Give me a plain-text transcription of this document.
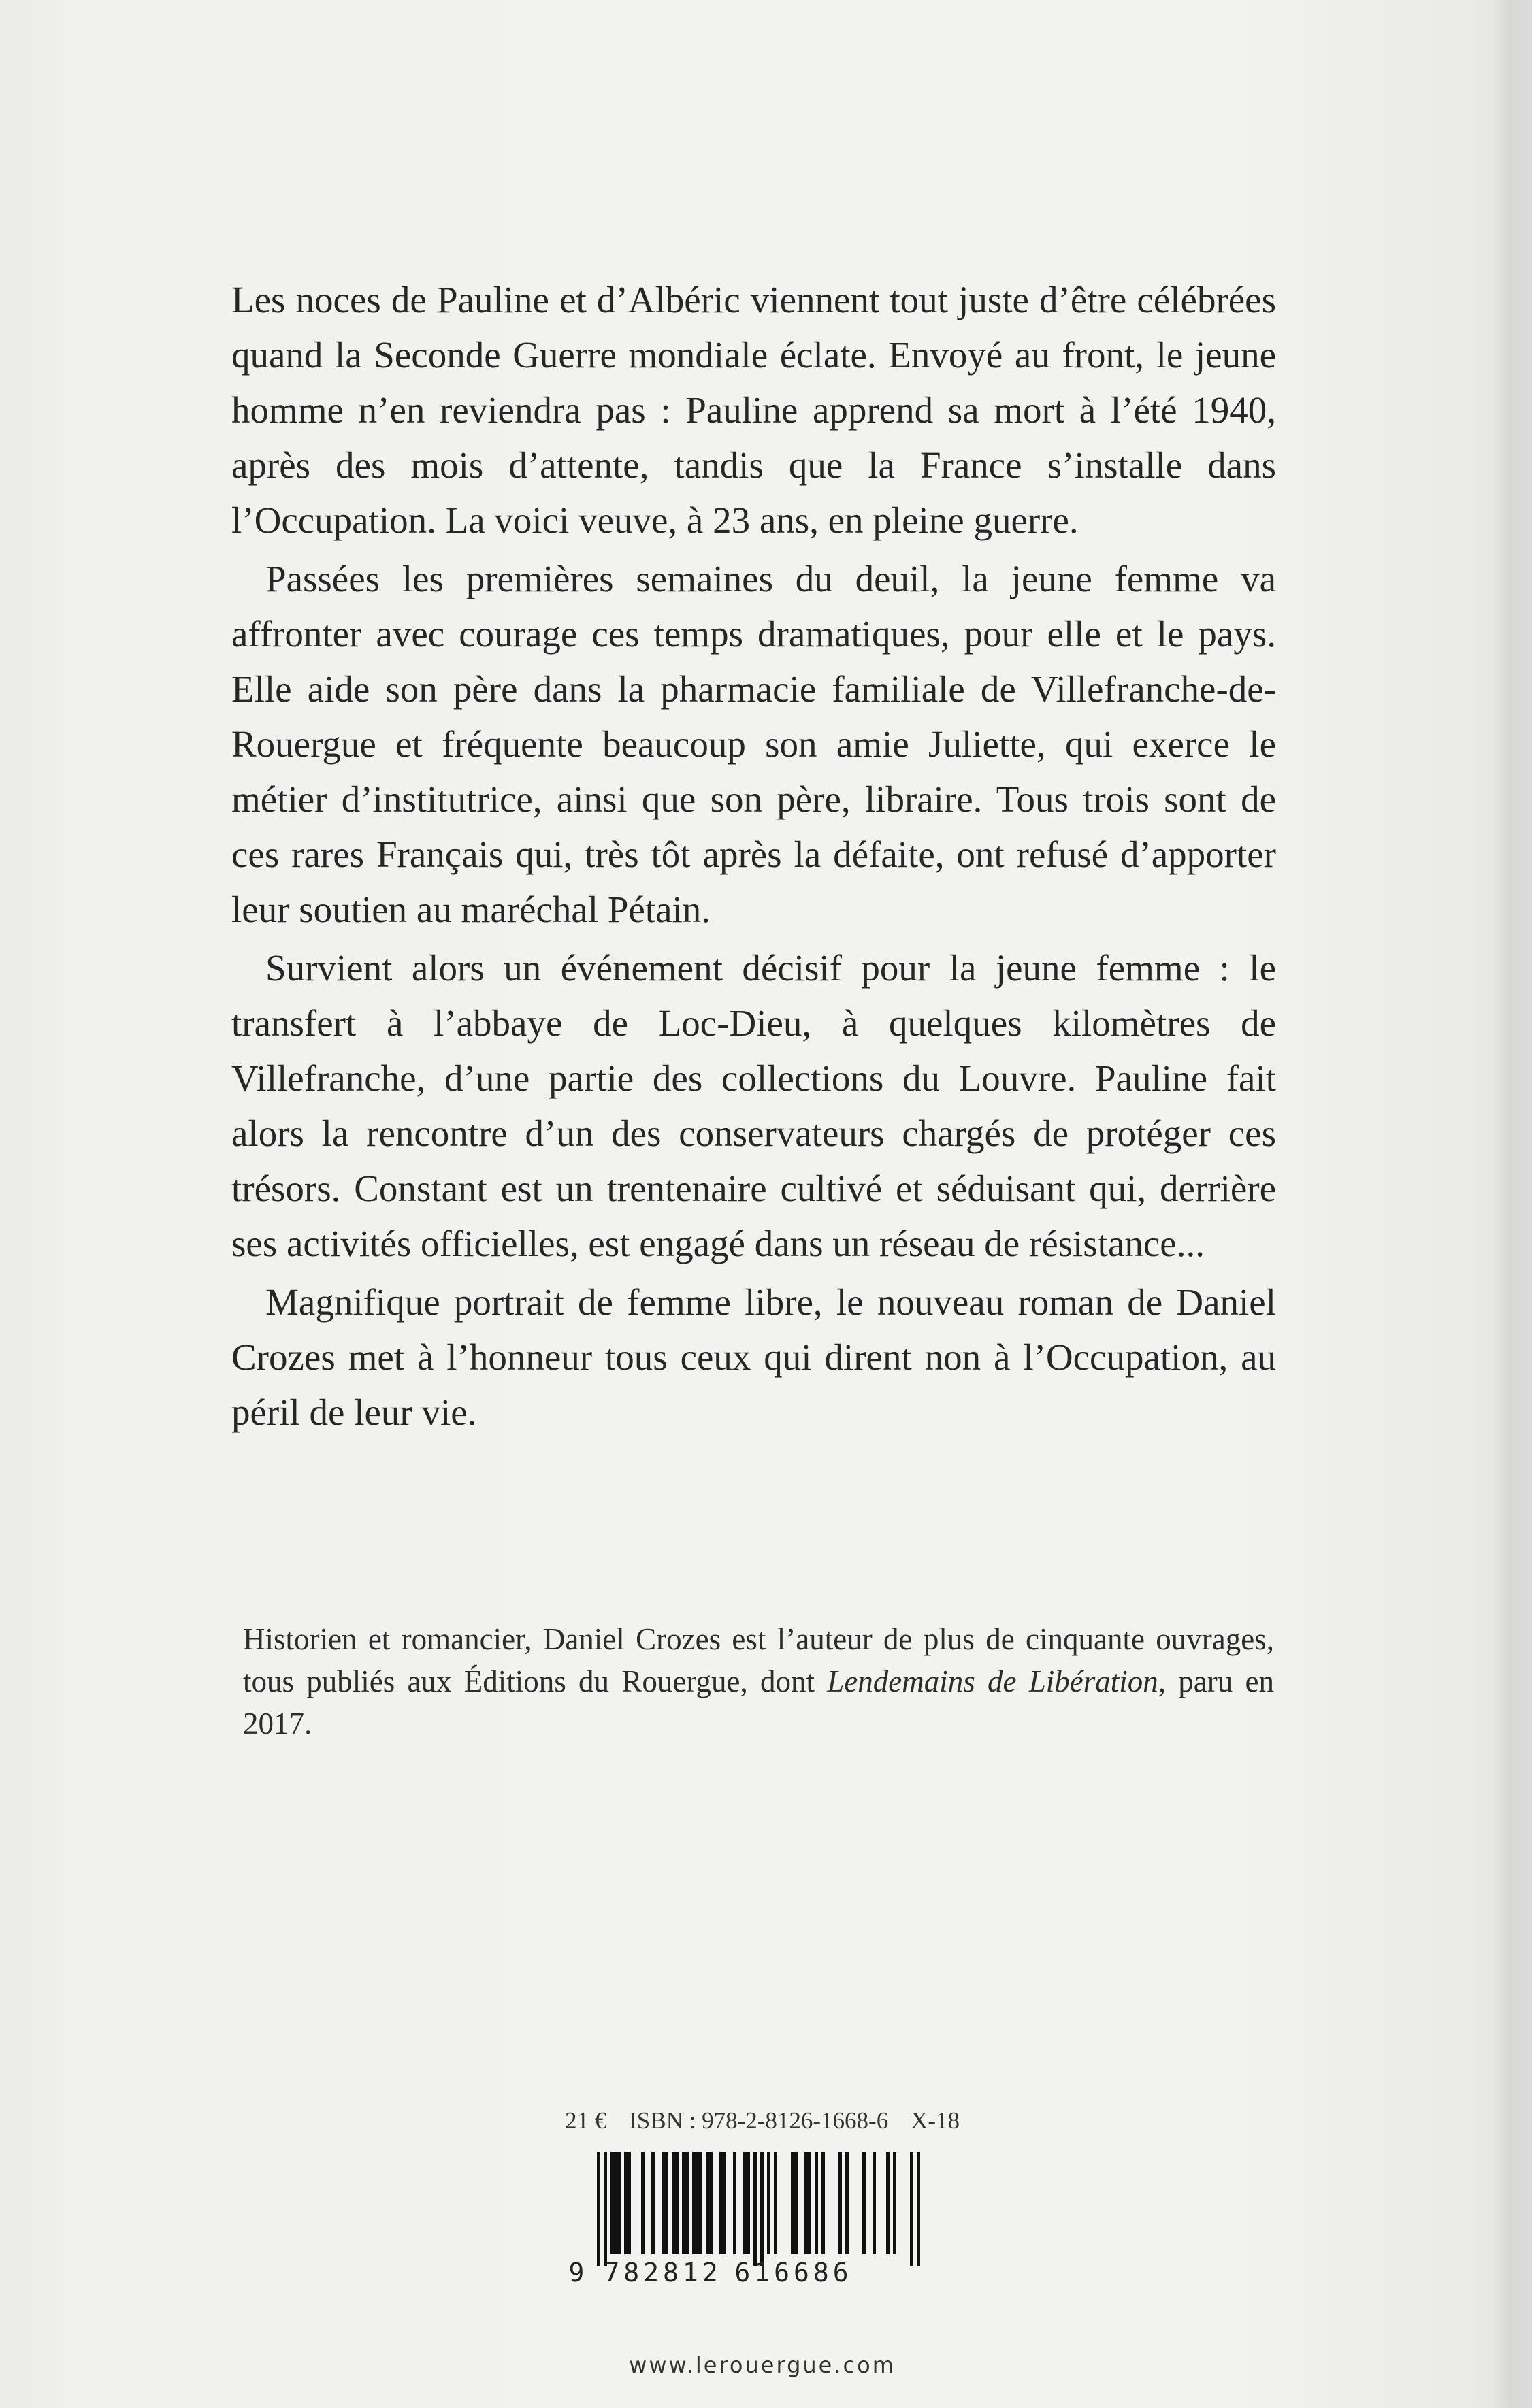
Les noces de Pauline et d’Albéric viennent tout juste d’être célébrées quand la Seconde Guerre mondiale éclate. Envoyé au front, le jeune homme n’en reviendra pas : Pauline apprend sa mort à l’été 1940, après des mois d’attente, tandis que la France s’installe dans l’Occupation. La voici veuve, à 23 ans, en pleine guerre.

Passées les premières semaines du deuil, la jeune femme va affronter avec courage ces temps dramatiques, pour elle et le pays. Elle aide son père dans la pharmacie familiale de Villefranche-de-Rouergue et fréquente beaucoup son amie Juliette, qui exerce le métier d’institutrice, ainsi que son père, libraire. Tous trois sont de ces rares Français qui, très tôt après la défaite, ont refusé d’apporter leur soutien au maréchal Pétain.

Survient alors un événement décisif pour la jeune femme : le transfert à l’abbaye de Loc-Dieu, à quelques kilomètres de Villefranche, d’une partie des collections du Louvre. Pauline fait alors la rencontre d’un des conservateurs chargés de protéger ces trésors. Constant est un trentenaire cultivé et séduisant qui, derrière ses activités officielles, est engagé dans un réseau de résistance...

Magnifique portrait de femme libre, le nouveau roman de Daniel Crozes met à l’honneur tous ceux qui dirent non à l’Occupation, au péril de leur vie.

Historien et romancier, Daniel Crozes est l’auteur de plus de cinquante ouvrages, tous publiés aux Éditions du Rouergue, dont Lendemains de Libération, paru en 2017.

21 € ISBN : 978-2-8126-1668-6 X-18
9 782812 616686
www.lerouergue.com
